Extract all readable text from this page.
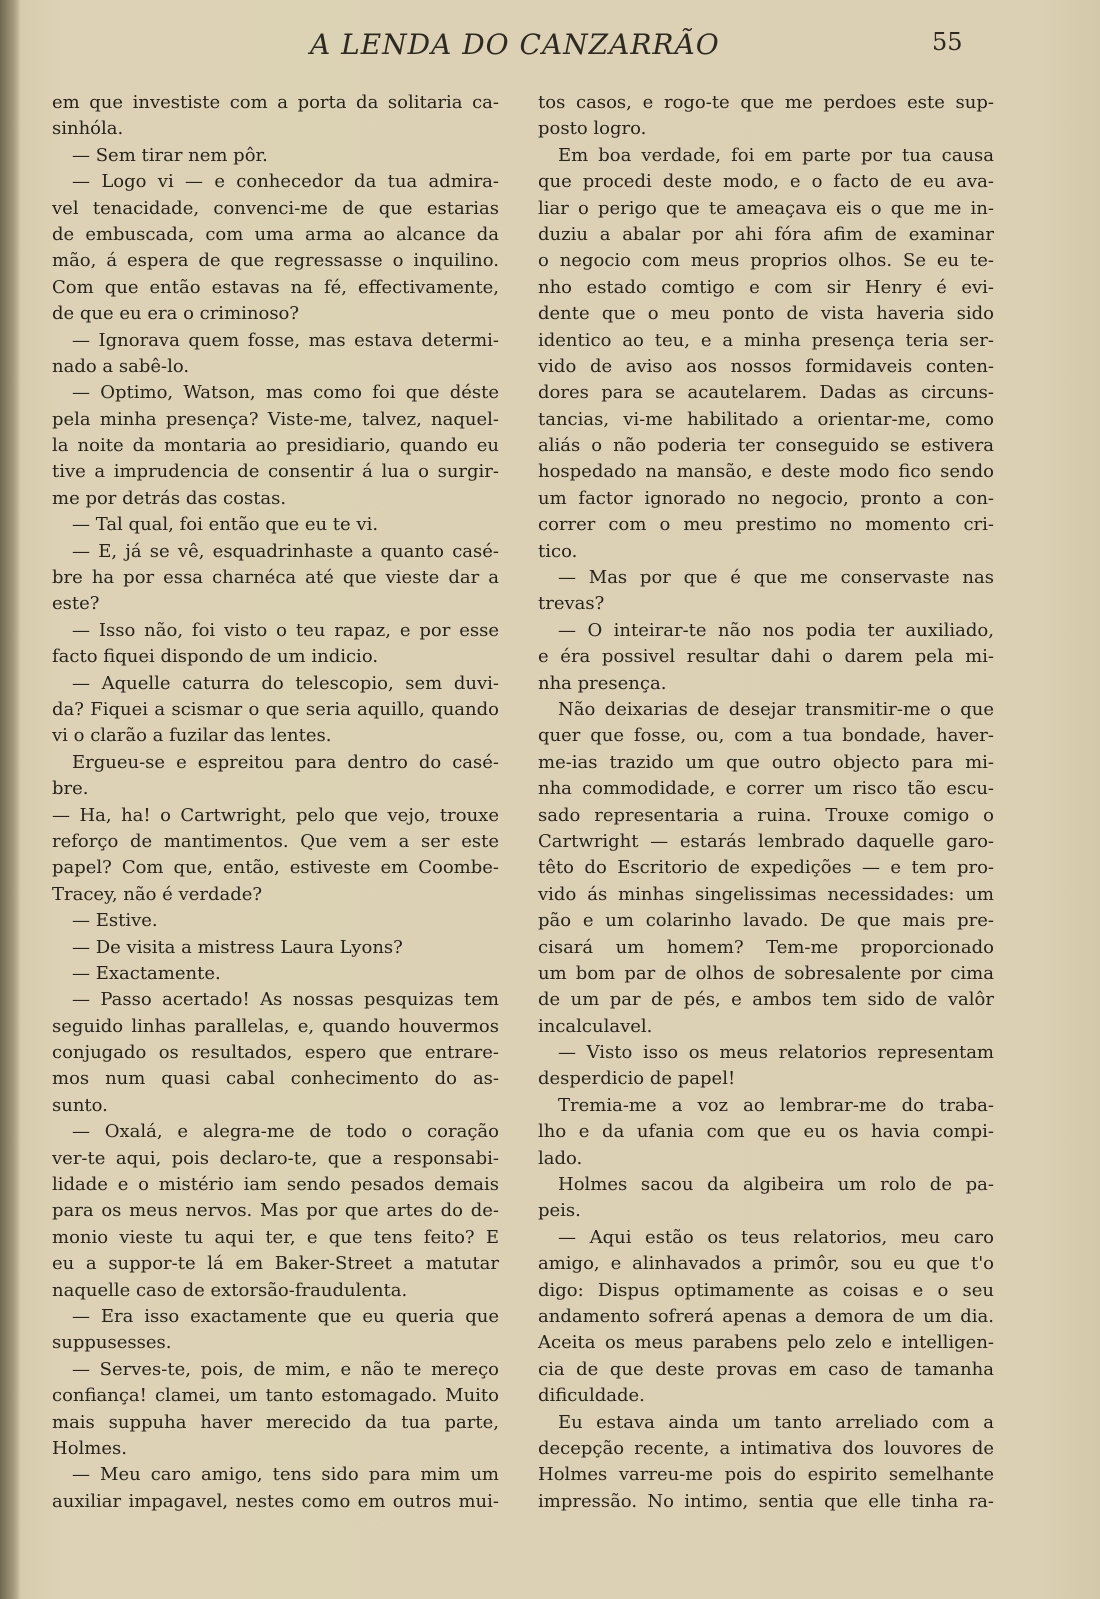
A LENDA DO CANZARRÃO	55
em que investiste com a porta da solitaria ca-
sinhóla.
— Sem tirar nem pôr.
— Logo vi — e conhecedor da tua admira-
vel tenacidade, convenci-me de que estarias
de embuscada, com uma arma ao alcance da
mão, á espera de que regressasse o inquilino.
Com que então estavas na fé, effectivamente,
de que eu era o criminoso?
— Ignorava quem fosse, mas estava determi-
nado a sabê-lo.
— Optimo, Watson, mas como foi que déste
pela minha presença? Viste-me, talvez, naquel-
la noite da montaria ao presidiario, quando eu
tive a imprudencia de consentir á lua o surgir-
me por detrás das costas.
— Tal qual, foi então que eu te vi.
— E, já se vê, esquadrinhaste a quanto casé-
bre ha por essa charnéca até que vieste dar a
este?
— Isso não, foi visto o teu rapaz, e por esse
facto fiquei dispondo de um indicio.
— Aquelle caturra do telescopio, sem duvi-
da? Fiquei a scismar o que seria aquillo, quando
vi o clarão a fuzilar das lentes.
Ergueu-se e espreitou para dentro do casé-
bre.
— Ha, ha! o Cartwright, pelo que vejo, trouxe
reforço de mantimentos. Que vem a ser este
papel? Com que, então, estiveste em Coombe-
Tracey, não é verdade?
— Estive.
— De visita a mistress Laura Lyons?
— Exactamente.
— Passo acertado! As nossas pesquizas tem
seguido linhas parallelas, e, quando houvermos
conjugado os resultados, espero que entrare-
mos num quasi cabal conhecimento do as-
sunto.
— Oxalá, e alegra-me de todo o coração
ver-te aqui, pois declaro-te, que a responsabi-
lidade e o mistério iam sendo pesados demais
para os meus nervos. Mas por que artes do de-
monio vieste tu aqui ter, e que tens feito? E
eu a suppor-te lá em Baker-Street a matutar
naquelle caso de extorsão-fraudulenta.
— Era isso exactamente que eu queria que
suppusesses.
— Serves-te, pois, de mim, e não te mereço
confiança! clamei, um tanto estomagado. Muito
mais suppuha haver merecido da tua parte,
Holmes.
— Meu caro amigo, tens sido para mim um
auxiliar impagavel, nestes como em outros mui-
tos casos, e rogo-te que me perdoes este sup-
posto logro.
Em boa verdade, foi em parte por tua causa
que procedi deste modo, e o facto de eu ava-
liar o perigo que te ameaçava eis o que me in-
duziu a abalar por ahi fóra afim de examinar
o negocio com meus proprios olhos. Se eu te-
nho estado comtigo e com sir Henry é evi-
dente que o meu ponto de vista haveria sido
identico ao teu, e a minha presença teria ser-
vido de aviso aos nossos formidaveis conten-
dores para se acautelarem. Dadas as circuns-
tancias, vi-me habilitado a orientar-me, como
aliás o não poderia ter conseguido se estivera
hospedado na mansão, e deste modo fico sendo
um factor ignorado no negocio, pronto a con-
correr com o meu prestimo no momento cri-
tico.
— Mas por que é que me conservaste nas
trevas?
— O inteirar-te não nos podia ter auxiliado,
e éra possivel resultar dahi o darem pela mi-
nha presença.
Não deixarias de desejar transmitir-me o que
quer que fosse, ou, com a tua bondade, haver-
me-ias trazido um que outro objecto para mi-
nha commodidade, e correr um risco tão escu-
sado representaria a ruina. Trouxe comigo o
Cartwright — estarás lembrado daquelle garo-
têto do Escritorio de expedições — e tem pro-
vido ás minhas singelissimas necessidades: um
pão e um colarinho lavado. De que mais pre-
cisará um homem? Tem-me proporcionado
um bom par de olhos de sobresalente por cima
de um par de pés, e ambos tem sido de valôr
incalculavel.
— Visto isso os meus relatorios representam
desperdicio de papel!
Tremia-me a voz ao lembrar-me do traba-
lho e da ufania com que eu os havia compi-
lado.
Holmes sacou da algibeira um rolo de pa-
peis.
— Aqui estão os teus relatorios, meu caro
amigo, e alinhavados a primôr, sou eu que t'o
digo: Dispus optimamente as coisas e o seu
andamento sofrerá apenas a demora de um dia.
Aceita os meus parabens pelo zelo e intelligen-
cia de que deste provas em caso de tamanha
dificuldade.
Eu estava ainda um tanto arreliado com a
decepção recente, a intimativa dos louvores de
Holmes varreu-me pois do espirito semelhante
impressão. No intimo, sentia que elle tinha ra-
